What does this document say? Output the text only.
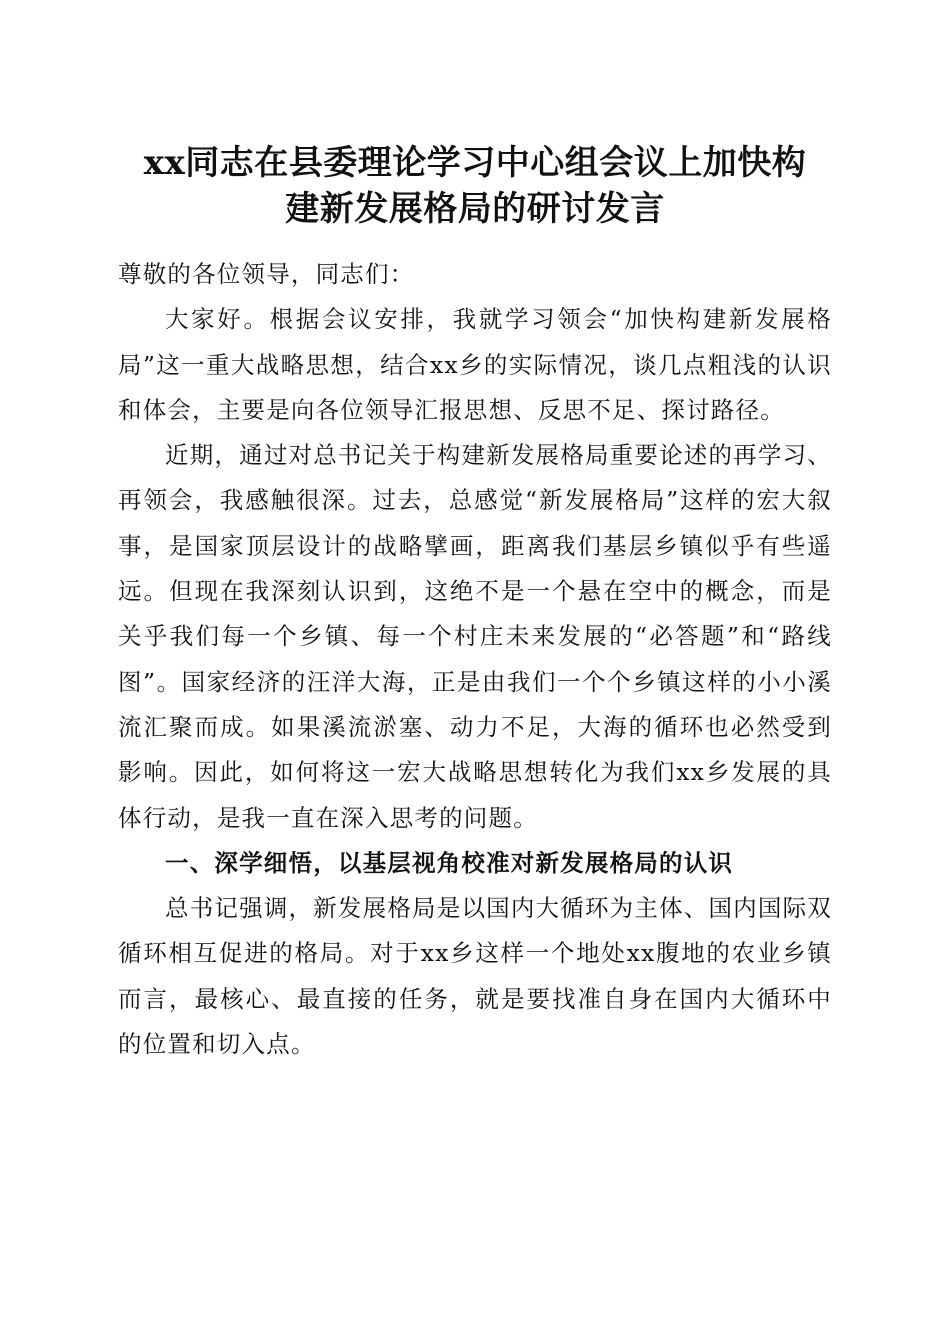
xx同志在县委理论学习中心组会议上加快构
建新发展格局的研讨发言

尊敬的各位领导，同志们：

大家好。根据会议安排，我就学习领会“加快构建新发展格局”这一重大战略思想，结合xx乡的实际情况，谈几点粗浅的认识和体会，主要是向各位领导汇报思想、反思不足、探讨路径。

近期，通过对总书记关于构建新发展格局重要论述的再学习、再领会，我感触很深。过去，总感觉“新发展格局”这样的宏大叙事，是国家顶层设计的战略擘画，距离我们基层乡镇似乎有些遥远。但现在我深刻认识到，这绝不是一个悬在空中的概念，而是关乎我们每一个乡镇、每一个村庄未来发展的“必答题”和“路线图”。国家经济的汪洋大海，正是由我们一个个乡镇这样的小小溪流汇聚而成。如果溪流淤塞、动力不足，大海的循环也必然受到影响。因此，如何将这一宏大战略思想转化为我们xx乡发展的具体行动，是我一直在深入思考的问题。

一、深学细悟，以基层视角校准对新发展格局的认识

总书记强调，新发展格局是以国内大循环为主体、国内国际双循环相互促进的格局。对于xx乡这样一个地处xx腹地的农业乡镇而言，最核心、最直接的任务，就是要找准自身在国内大循环中的位置和切入点。
